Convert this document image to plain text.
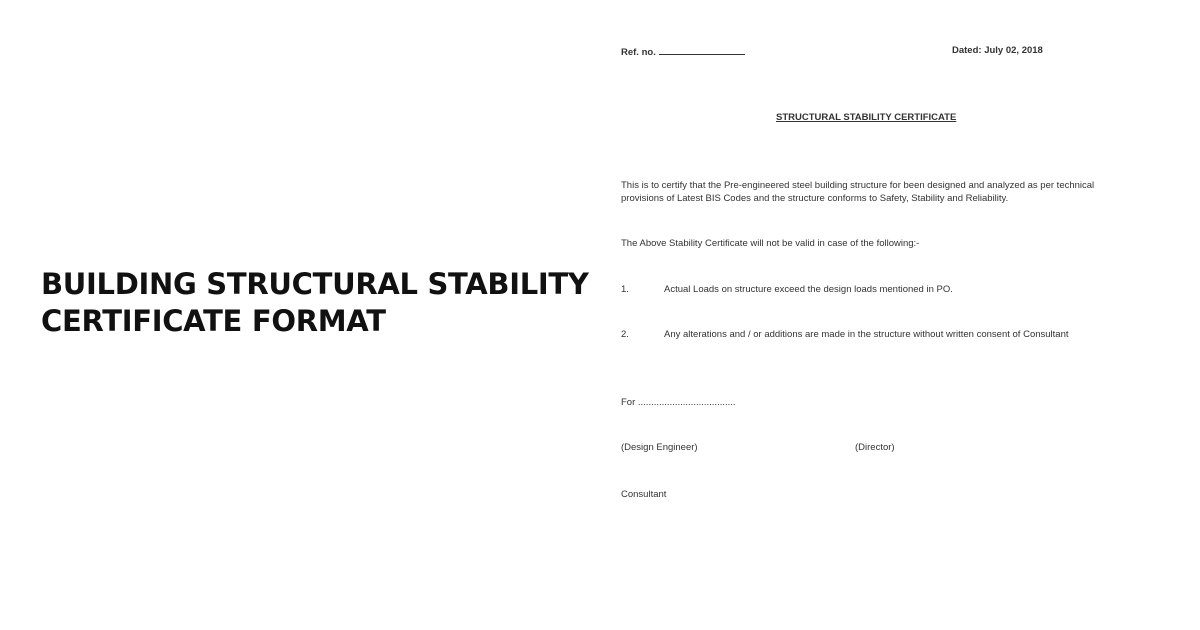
BUILDING STRUCTURAL STABILITY
CERTIFICATE FORMAT
Ref. no.	Dated: July 02, 2018
STRUCTURAL STABILITY CERTIFICATE
This is to certify that the Pre-engineered steel building structure for been designed and analyzed as per technical
provisions of Latest BIS Codes and the structure conforms to Safety, Stability and Reliability.
The Above Stability Certificate will not be valid in case of the following:-
1.	Actual Loads on structure exceed the design loads mentioned in PO.
2.	Any alterations and / or additions are made in the structure without written consent of Consultant
For .....................................
(Design Engineer)	(Director)
Consultant
